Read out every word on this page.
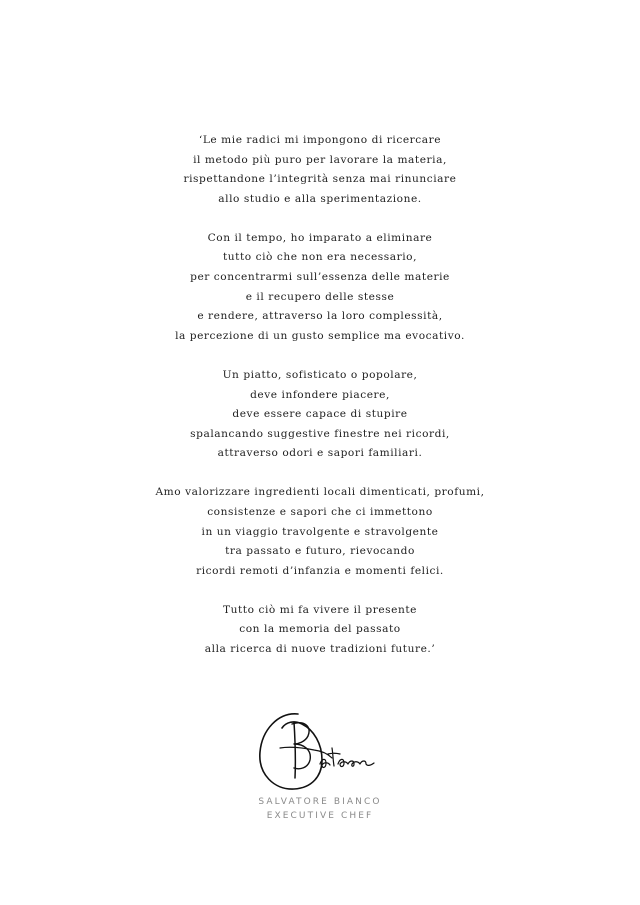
‘Le mie radici mi impongono di ricercare
il metodo più puro per lavorare la materia,
rispettandone l’integrità senza mai rinunciare
allo studio e alla sperimentazione.
Con il tempo, ho imparato a eliminare
tutto ciò che non era necessario,
per concentrarmi sull’essenza delle materie
e il recupero delle stesse
e rendere, attraverso la loro complessità,
la percezione di un gusto semplice ma evocativo.
Un piatto, sofisticato o popolare,
deve infondere piacere,
deve essere capace di stupire
spalancando suggestive finestre nei ricordi,
attraverso odori e sapori familiari.
Amo valorizzare ingredienti locali dimenticati, profumi,
consistenze e sapori che ci immettono
in un viaggio travolgente e stravolgente
tra passato e futuro, rievocando
ricordi remoti d’infanzia e momenti felici.
Tutto ciò mi fa vivere il presente
con la memoria del passato
alla ricerca di nuove tradizioni future.’
SALVATORE BIANCO
EXECUTIVE CHEF
